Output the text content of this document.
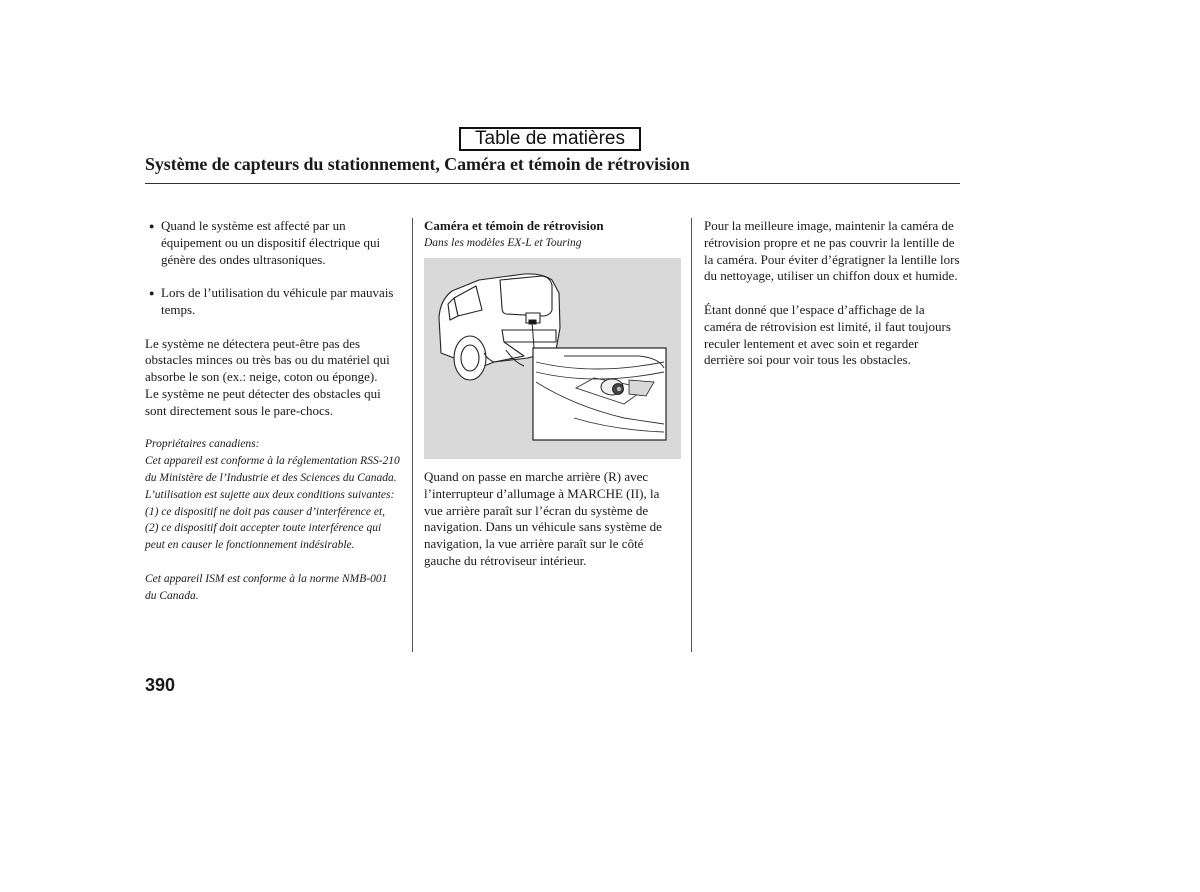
Table de matières
Système de capteurs du stationnement, Caméra et témoin de rétrovision
● Quand le système est affecté par un équipement ou un dispositif électrique qui génère des ondes ultrasoniques.

● Lors de l’utilisation du véhicule par mauvais temps.

Le système ne détectera peut-être pas des obstacles minces ou très bas ou du matériel qui absorbe le son (ex.: neige, coton ou éponge).

Le système ne peut détecter des obstacles qui sont directement sous le pare-chocs.

Propriétaires canadiens:

Cet appareil est conforme à la réglementation RSS-210 du Ministère de l’Industrie et des Sciences du Canada. L’utilisation est sujette aux deux conditions suivantes: (1) ce dispositif ne doit pas causer d’interférence et, (2) ce dispositif doit accepter toute interférence qui peut en causer le fonctionnement indésirable.

Cet appareil ISM est conforme à la norme NMB-001 du Canada.

Caméra et témoin de rétrovision

Dans les modèles EX-L et Touring

Quand on passe en marche arrière (R) avec l’interrupteur d’allumage à MARCHE (II), la vue arrière paraît sur l’écran du système de navigation. Dans un véhicule sans système de navigation, la vue arrière paraît sur le côté gauche du rétroviseur intérieur.

Pour la meilleure image, maintenir la caméra de rétrovision propre et ne pas couvrir la lentille de la caméra. Pour éviter d’égratigner la lentille lors du nettoyage, utiliser un chiffon doux et humide.

Étant donné que l’espace d’affichage de la caméra de rétrovision est limité, il faut toujours reculer lentement et avec soin et regarder derrière soi pour voir tous les obstacles.

390
